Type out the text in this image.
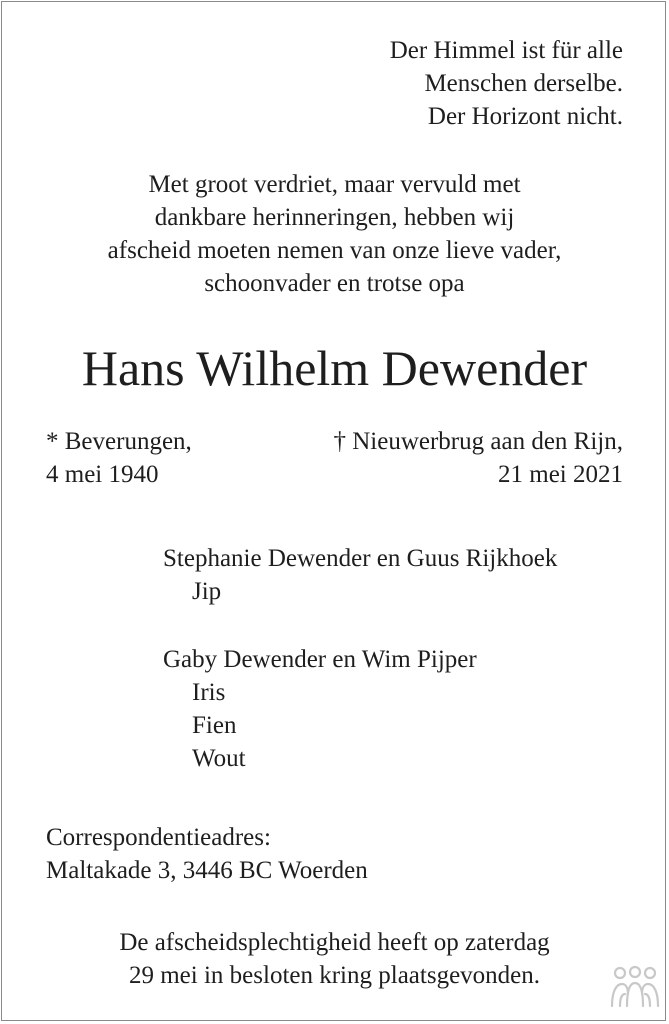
Der Himmel ist für alle
Menschen derselbe.
Der Horizont nicht.
Met groot verdriet, maar vervuld met
dankbare herinneringen, hebben wij
afscheid moeten nemen van onze lieve vader,
schoonvader en trotse opa
Hans Wilhelm Dewender
* Beverungen,
4 mei 1940
† Nieuwerbrug aan den Rijn,
21 mei 2021
Stephanie Dewender en Guus Rijkhoek
Jip
Gaby Dewender en Wim Pijper
Iris
Fien
Wout
Correspondentieadres:
Maltakade 3, 3446 BC Woerden
De afscheidsplechtigheid heeft op zaterdag
29 mei in besloten kring plaatsgevonden.
